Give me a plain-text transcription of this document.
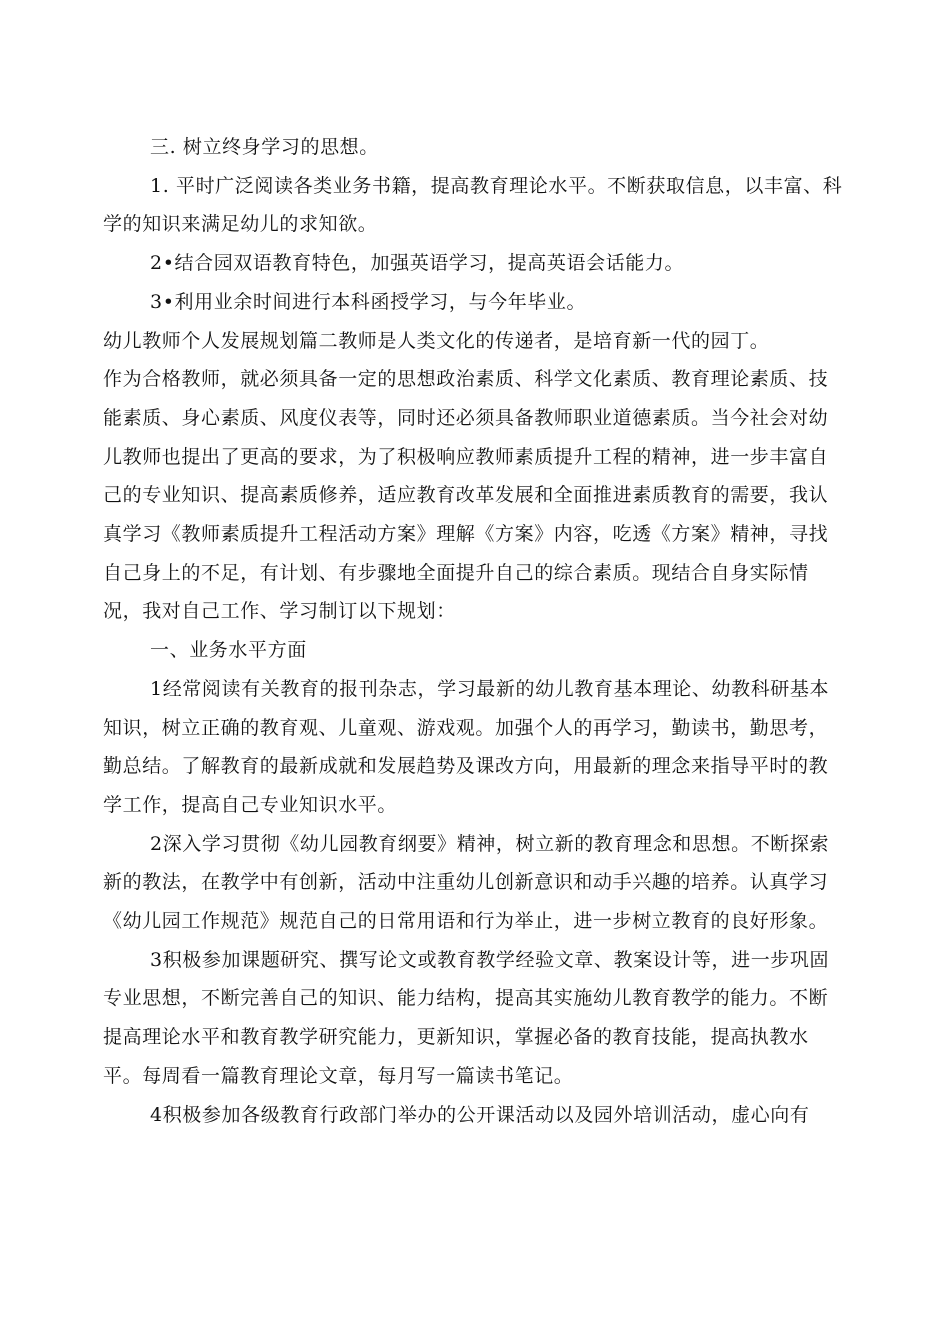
三. 树立终身学习的思想。

1. 平时广泛阅读各类业务书籍，提高教育理论水平。不断获取信息，以丰富、科学的知识来满足幼儿的求知欲。

2•结合园双语教育特色，加强英语学习，提高英语会话能力。

3•利用业余时间进行本科函授学习，与今年毕业。

幼儿教师个人发展规划篇二教师是人类文化的传递者，是培育新一代的园丁。

作为合格教师，就必须具备一定的思想政治素质、科学文化素质、教育理论素质、技能素质、身心素质、风度仪表等，同时还必须具备教师职业道德素质。当今社会对幼儿教师也提出了更高的要求，为了积极响应教师素质提升工程的精神，进一步丰富自己的专业知识、提高素质修养，适应教育改革发展和全面推进素质教育的需要，我认真学习《教师素质提升工程活动方案》理解《方案》内容，吃透《方案》精神，寻找自己身上的不足，有计划、有步骤地全面提升自己的综合素质。现结合自身实际情况，我对自己工作、学习制订以下规划：

一、业务水平方面

1经常阅读有关教育的报刊杂志，学习最新的幼儿教育基本理论、幼教科研基本知识，树立正确的教育观、儿童观、游戏观。加强个人的再学习，勤读书，勤思考，勤总结。了解教育的最新成就和发展趋势及课改方向，用最新的理念来指导平时的教学工作，提高自己专业知识水平。

2深入学习贯彻《幼儿园教育纲要》精神，树立新的教育理念和思想。不断探索新的教法，在教学中有创新，活动中注重幼儿创新意识和动手兴趣的培养。认真学习《幼儿园工作规范》规范自己的日常用语和行为举止，进一步树立教育的良好形象。

3积极参加课题研究、撰写论文或教育教学经验文章、教案设计等，进一步巩固专业思想，不断完善自己的知识、能力结构，提高其实施幼儿教育教学的能力。不断提高理论水平和教育教学研究能力，更新知识，掌握必备的教育技能，提高执教水平。每周看一篇教育理论文章，每月写一篇读书笔记。

4积极参加各级教育行政部门举办的公开课活动以及园外培训活动，虚心向有
